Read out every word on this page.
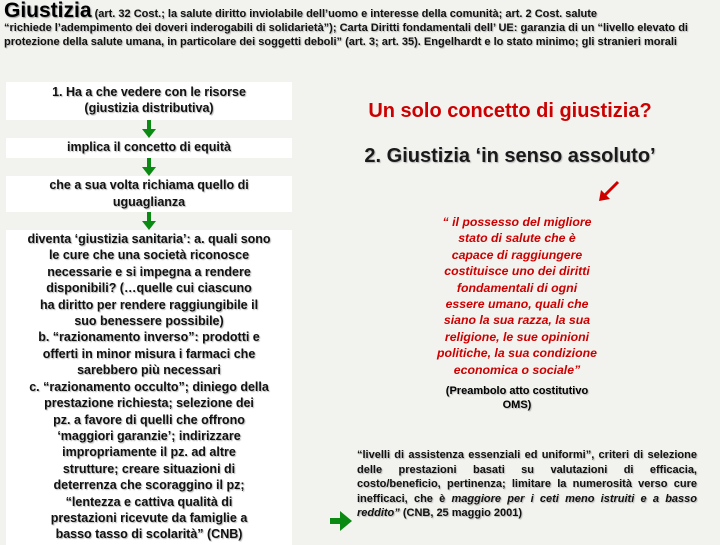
Giustizia (art. 32 Cost.; la salute diritto inviolabile dell’uomo e interesse della comunità; art. 2 Cost. salute
“richiede l’adempimento dei doveri inderogabili di solidarietà”); Carta Diritti fondamentali dell’ UE: garanzia di un “livello elevato di protezione della salute umana, in particolare dei soggetti deboli” (art. 3; art. 35). Engelhardt e lo stato minimo; gli stranieri morali
1. Ha a che vedere con le risorse
(giustizia distributiva)
implica il concetto di equità
che a sua volta richiama quello di
uguaglianza
diventa ‘giustizia sanitaria’: a. quali sono
le cure che una società riconosce
necessarie e si impegna a rendere
disponibili? (…quelle cui ciascuno
ha diritto per rendere raggiungibile il
suo benessere possibile)
b. “razionamento inverso”: prodotti e
offerti in minor misura i farmaci che
sarebbero più necessari
c. “razionamento occulto”; diniego della
prestazione richiesta; selezione dei
pz. a favore di quelli che offrono
‘maggiori garanzie’; indirizzare
impropriamente il pz. ad altre
strutture; creare situazioni di
deterrenza che scoraggino il pz;
“lentezza e cattiva qualità di
prestazioni ricevute da famiglie a
basso tasso di scolarità” (CNB)
Un solo concetto di giustizia?
2. Giustizia ‘in senso assoluto’
“ il possesso del migliore
stato di salute che è
capace di raggiungere
costituisce uno dei diritti
fondamentali di ogni
essere umano, quali che
siano la sua razza, la sua
religione, le sue opinioni
politiche, la sua condizione
economica o sociale”
(Preambolo atto costitutivo
OMS)
“livelli di assistenza essenziali ed uniformi”, criteri di selezione delle prestazioni basati su valutazioni di efficacia, costo/beneficio, pertinenza; limitare la numerosità verso cure inefficaci, che è maggiore per i ceti meno istruiti e a basso reddito” (CNB, 25 maggio 2001)
